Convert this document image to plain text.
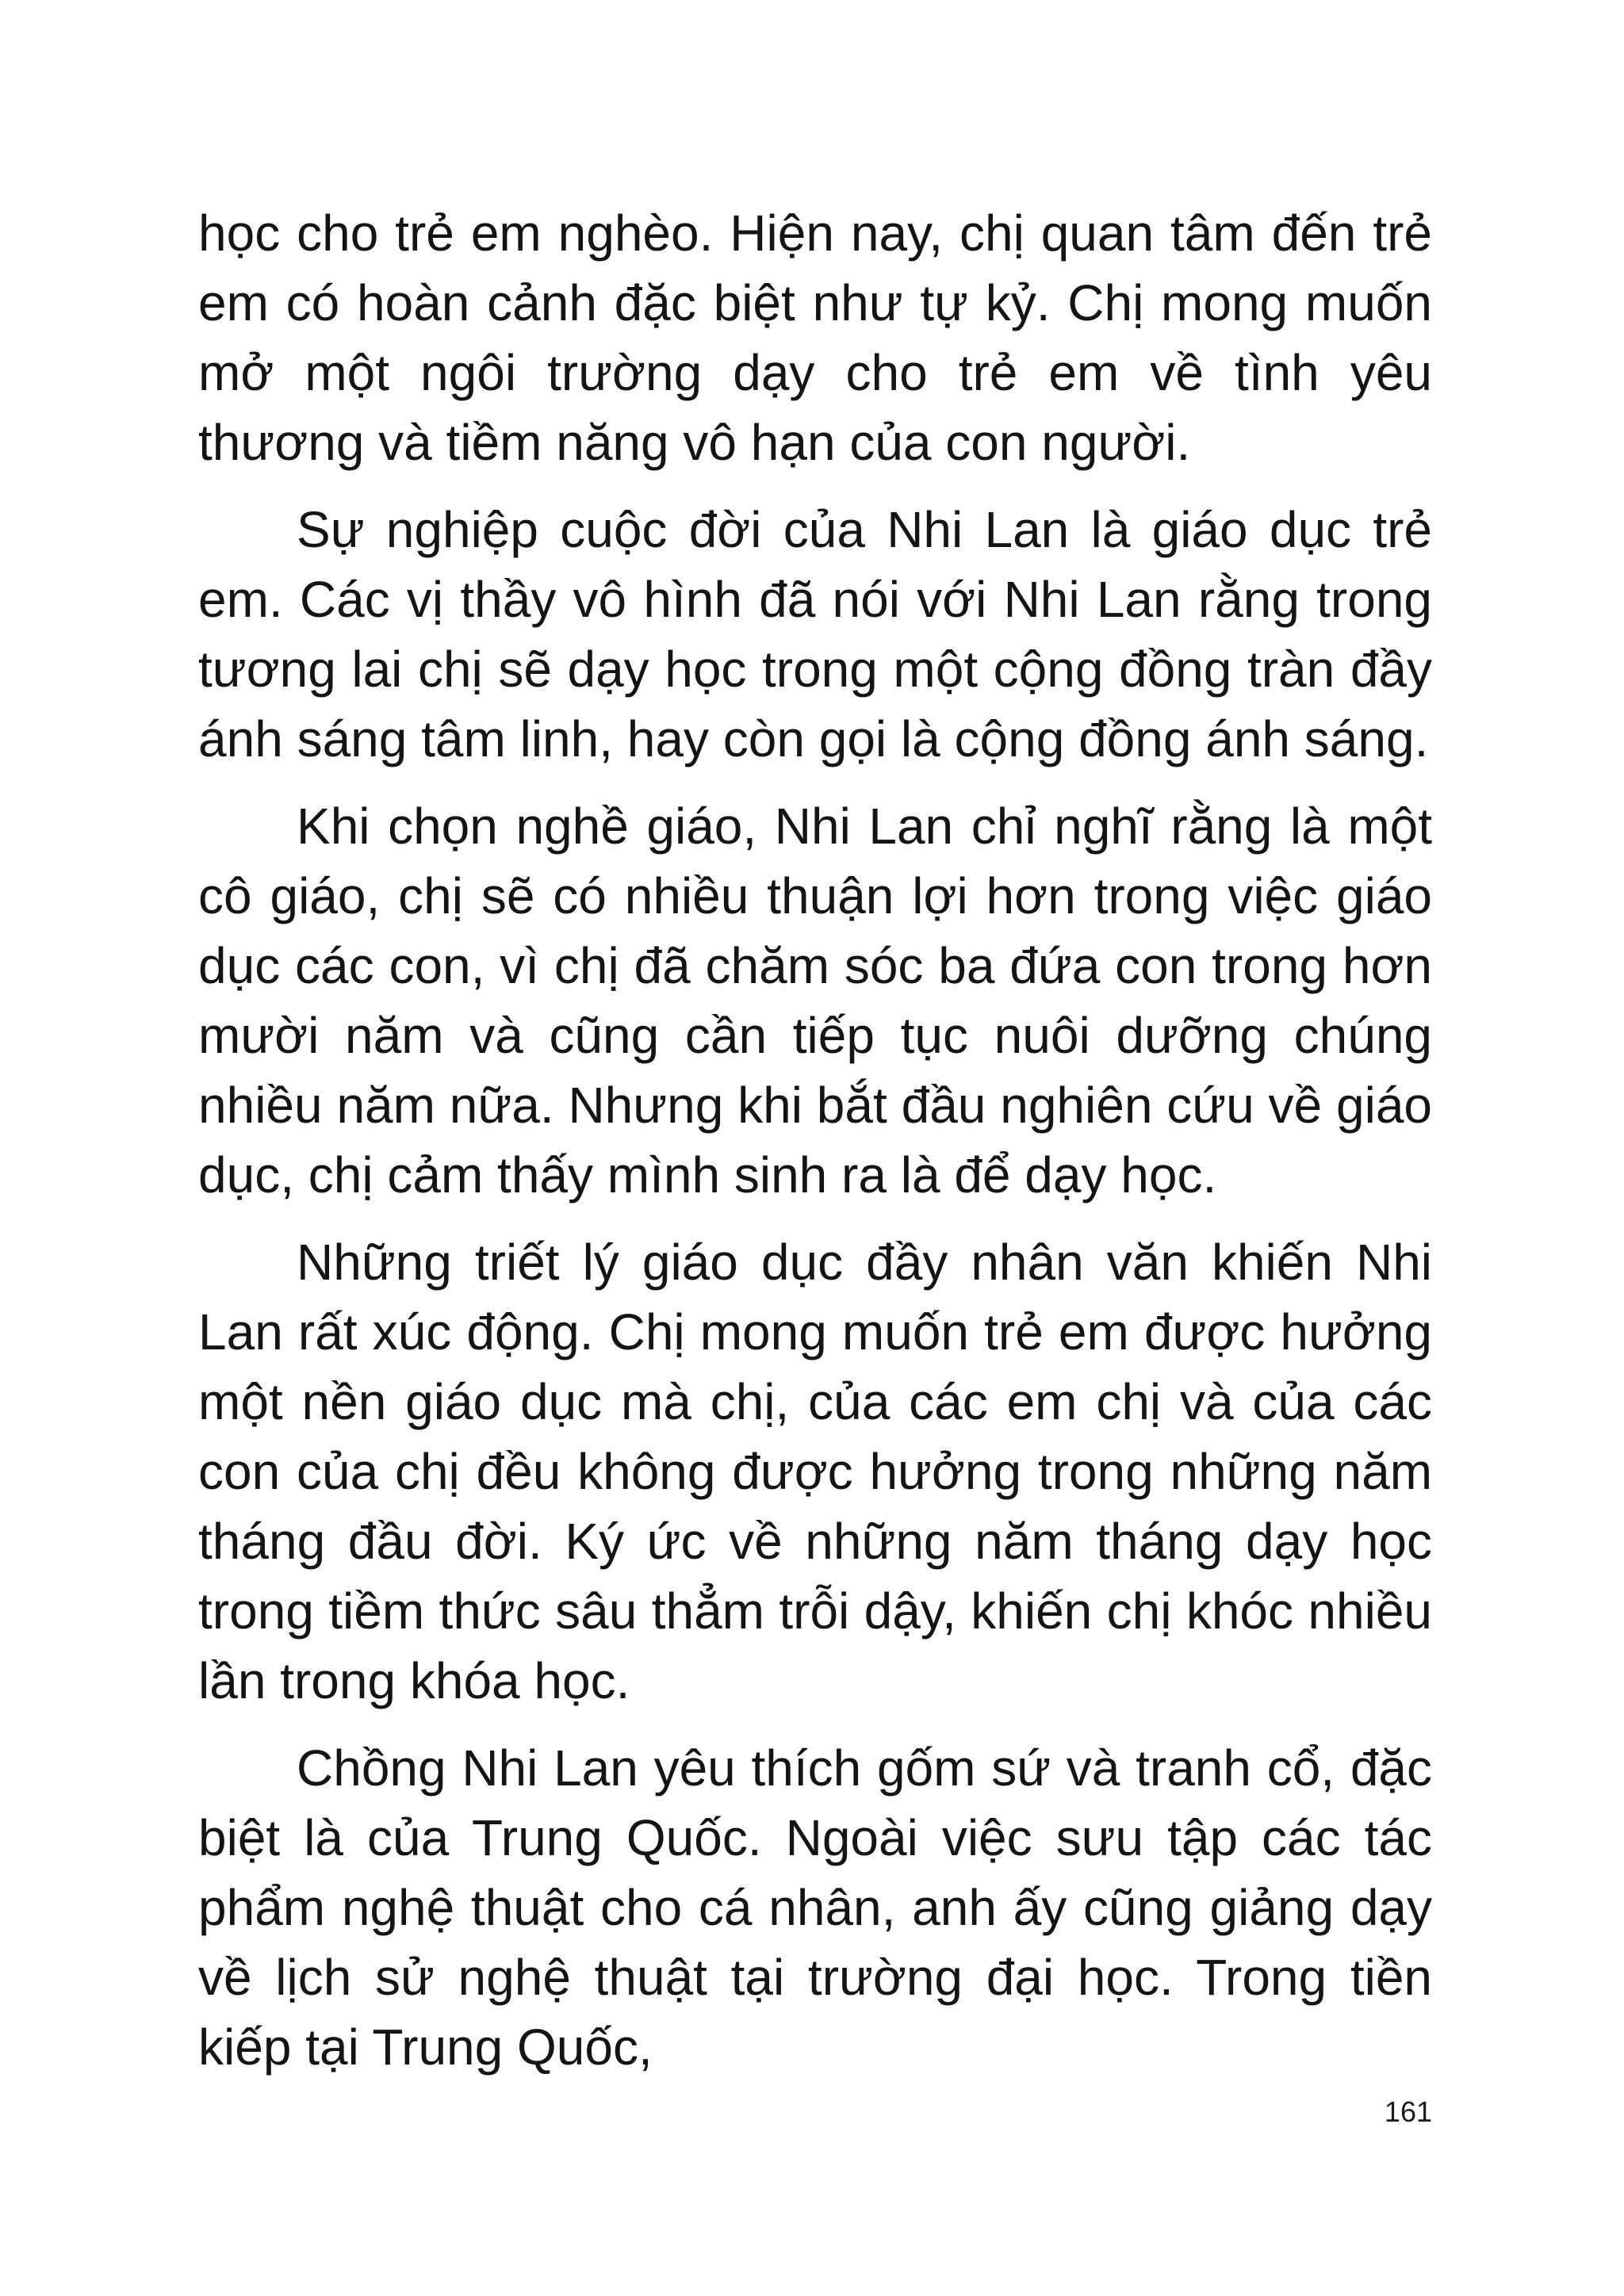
học cho trẻ em nghèo. Hiện nay, chị quan tâm đến trẻ em có hoàn cảnh đặc biệt như tự kỷ. Chị mong muốn mở một ngôi trường dạy cho trẻ em về tình yêu thương và tiềm năng vô hạn của con người.

Sự nghiệp cuộc đời của Nhi Lan là giáo dục trẻ em. Các vị thầy vô hình đã nói với Nhi Lan rằng trong tương lai chị sẽ dạy học trong một cộng đồng tràn đầy ánh sáng tâm linh, hay còn gọi là cộng đồng ánh sáng.

Khi chọn nghề giáo, Nhi Lan chỉ nghĩ rằng là một cô giáo, chị sẽ có nhiều thuận lợi hơn trong việc giáo dục các con, vì chị đã chăm sóc ba đứa con trong hơn mười năm và cũng cần tiếp tục nuôi dưỡng chúng nhiều năm nữa. Nhưng khi bắt đầu nghiên cứu về giáo dục, chị cảm thấy mình sinh ra là để dạy học.

Những triết lý giáo dục đầy nhân văn khiến Nhi Lan rất xúc động. Chị mong muốn trẻ em được hưởng một nền giáo dục mà chị, của các em chị và của các con của chị đều không được hưởng trong những năm tháng đầu đời. Ký ức về những năm tháng dạy học trong tiềm thức sâu thẳm trỗi dậy, khiến chị khóc nhiều lần trong khóa học.

Chồng Nhi Lan yêu thích gốm sứ và tranh cổ, đặc biệt là của Trung Quốc. Ngoài việc sưu tập các tác phẩm nghệ thuật cho cá nhân, anh ấy cũng giảng dạy về lịch sử nghệ thuật tại trường đại học. Trong tiền kiếp tại Trung Quốc,

161
